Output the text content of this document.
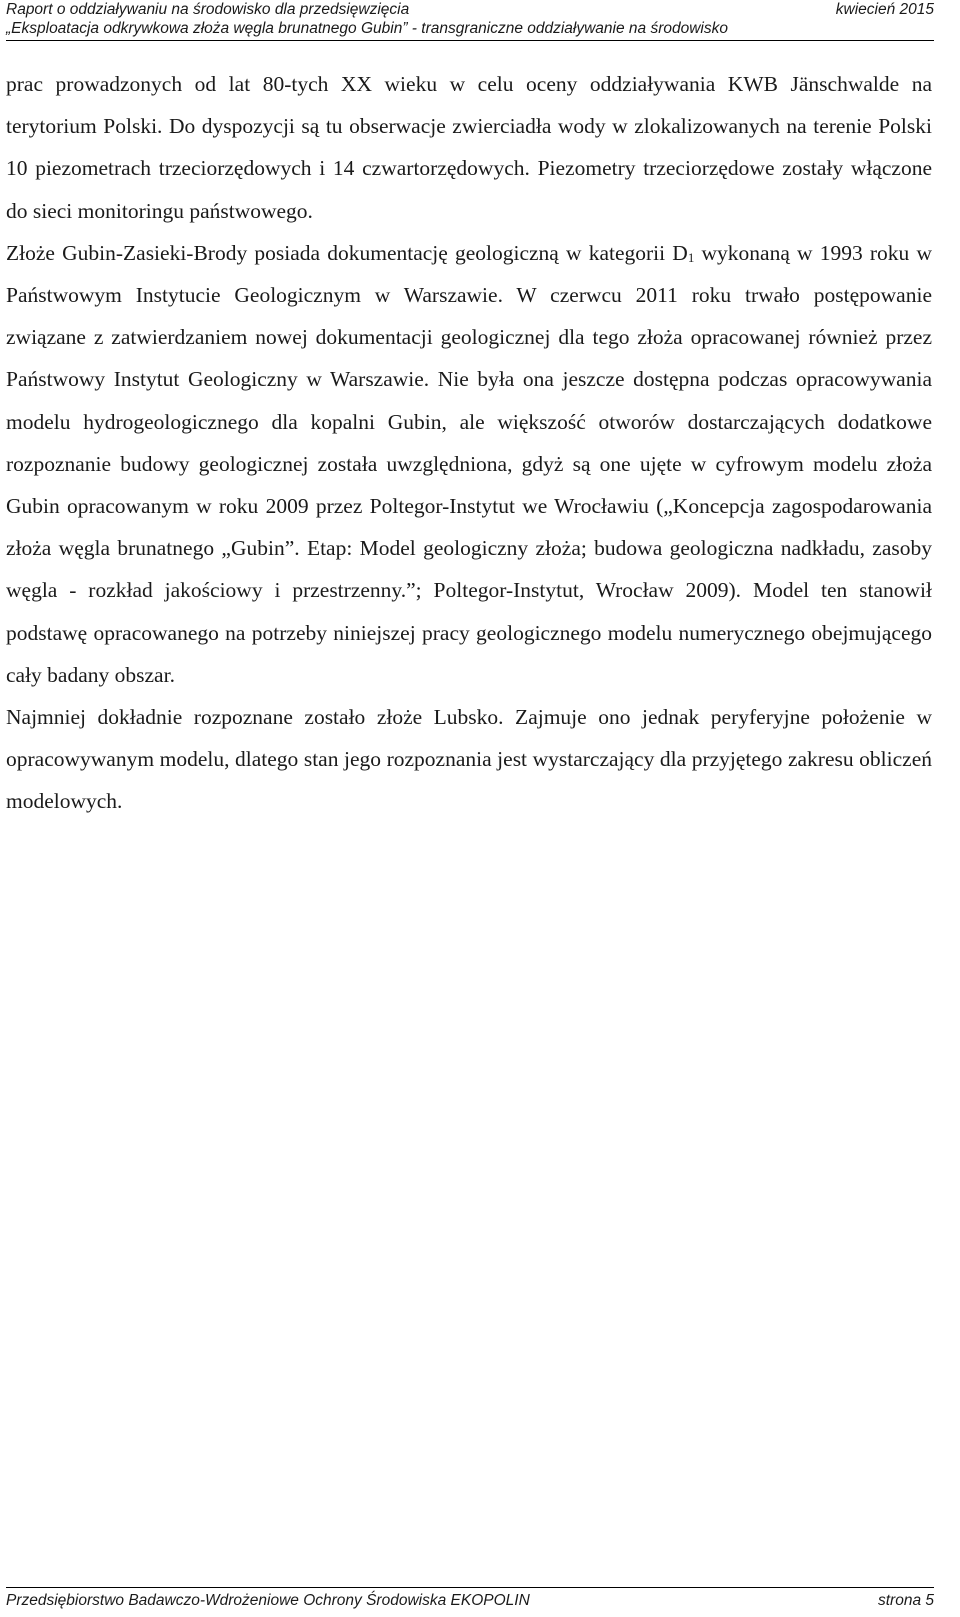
Raport o oddziaływaniu na środowisko dla przedsięwzięcia	kwiecień 2015
„Eksploatacja odkrywkowa złoża węgla brunatnego Gubin” - transgraniczne oddziaływanie na środowisko

prac prowadzonych od lat 80-tych XX wieku w celu oceny oddziaływania KWB Jänschwalde na terytorium Polski. Do dyspozycji są tu obserwacje zwierciadła wody w zlokalizowanych na terenie Polski 10 piezometrach trzeciorzędowych i 14 czwartorzędowych. Piezometry trzeciorzędowe zostały włączone do sieci monitoringu państwowego.

Złoże Gubin-Zasieki-Brody posiada dokumentację geologiczną w kategorii $D_1$ wykonaną w 1993 roku w Państwowym Instytucie Geologicznym w Warszawie. W czerwcu 2011 roku trwało postępowanie związane z zatwierdzaniem nowej dokumentacji geologicznej dla tego złoża opracowanej również przez Państwowy Instytut Geologiczny w Warszawie. Nie była ona jeszcze dostępna podczas opracowywania modelu hydrogeologicznego dla kopalni Gubin, ale większość otworów dostarczających dodatkowe rozpoznanie budowy geologicznej została uwzględniona, gdyż są one ujęte w cyfrowym modelu złoża Gubin opracowanym w roku 2009 przez Poltegor-Instytut we Wrocławiu („Koncepcja zagospodarowania złoża węgla brunatnego „Gubin”. Etap: Model geologiczny złoża; budowa geologiczna nadkładu, zasoby węgla - rozkład jakościowy i przestrzenny.”; Poltegor-Instytut, Wrocław 2009). Model ten stanowił podstawę opracowanego na potrzeby niniejszej pracy geologicznego modelu numerycznego obejmującego cały badany obszar.

Najmniej dokładnie rozpoznane zostało złoże Lubsko. Zajmuje ono jednak peryferyjne położenie w opracowywanym modelu, dlatego stan jego rozpoznania jest wystarczający dla przyjętego zakresu obliczeń modelowych.

Przedsiębiorstwo Badawczo-Wdrożeniowe Ochrony Środowiska EKOPOLIN	strona 5
